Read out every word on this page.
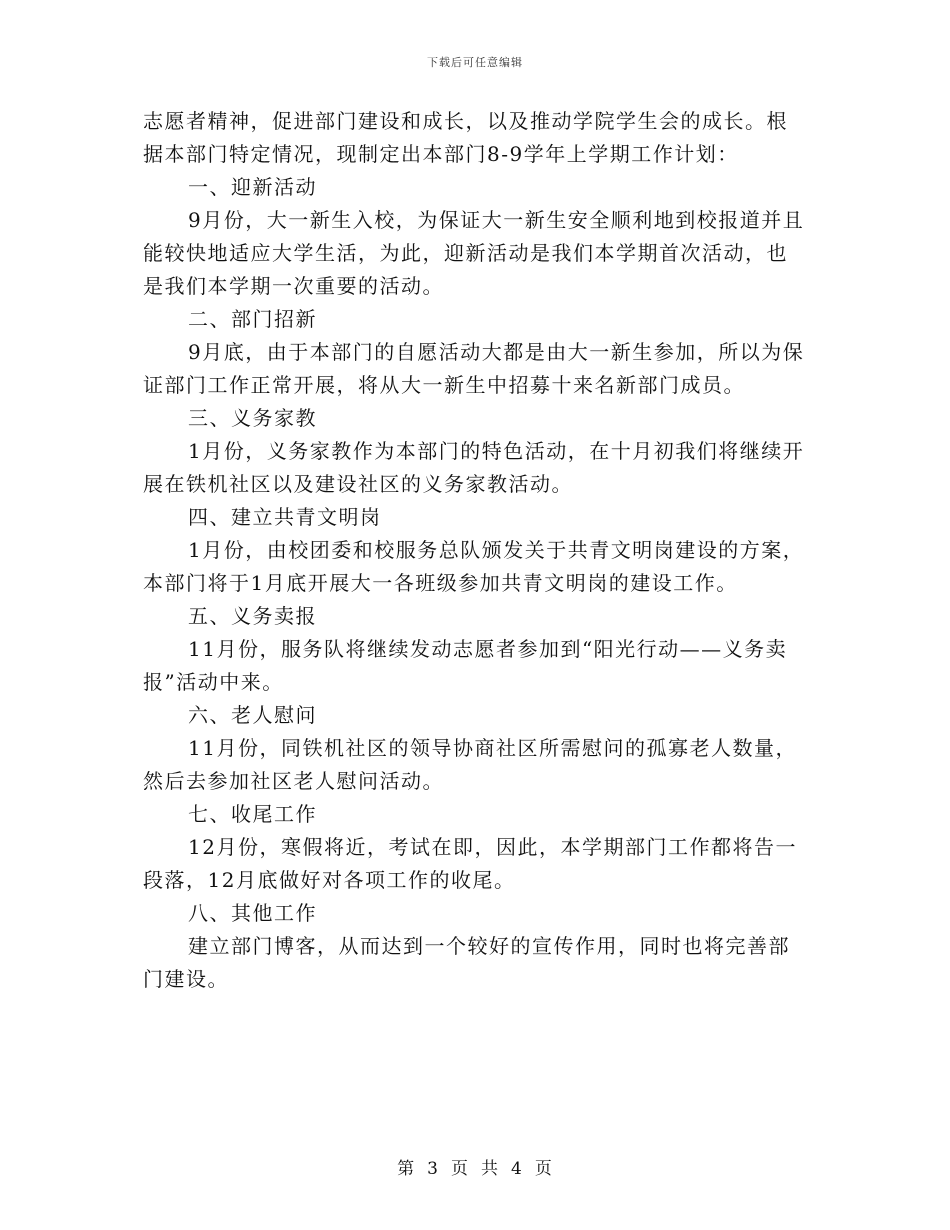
下载后可任意编辑
志愿者精神，促进部门建设和成长，以及推动学院学生会的成长。根
据本部门特定情况，现制定出本部门8-9学年上学期工作计划：
一、迎新活动
9月份，大一新生入校，为保证大一新生安全顺利地到校报道并且
能较快地适应大学生活，为此，迎新活动是我们本学期首次活动，也
是我们本学期一次重要的活动。
二、部门招新
9月底，由于本部门的自愿活动大都是由大一新生参加，所以为保
证部门工作正常开展，将从大一新生中招募十来名新部门成员。
三、义务家教
1月份，义务家教作为本部门的特色活动，在十月初我们将继续开
展在铁机社区以及建设社区的义务家教活动。
四、建立共青文明岗
1月份，由校团委和校服务总队颁发关于共青文明岗建设的方案，
本部门将于1月底开展大一各班级参加共青文明岗的建设工作。
五、义务卖报
11月份，服务队将继续发动志愿者参加到“阳光行动——义务卖
报”活动中来。
六、老人慰问
11月份，同铁机社区的领导协商社区所需慰问的孤寡老人数量，
然后去参加社区老人慰问活动。
七、收尾工作
12月份，寒假将近，考试在即，因此，本学期部门工作都将告一
段落，12月底做好对各项工作的收尾。
八、其他工作
建立部门博客，从而达到一个较好的宣传作用，同时也将完善部
门建设。
第 3 页 共 4 页
